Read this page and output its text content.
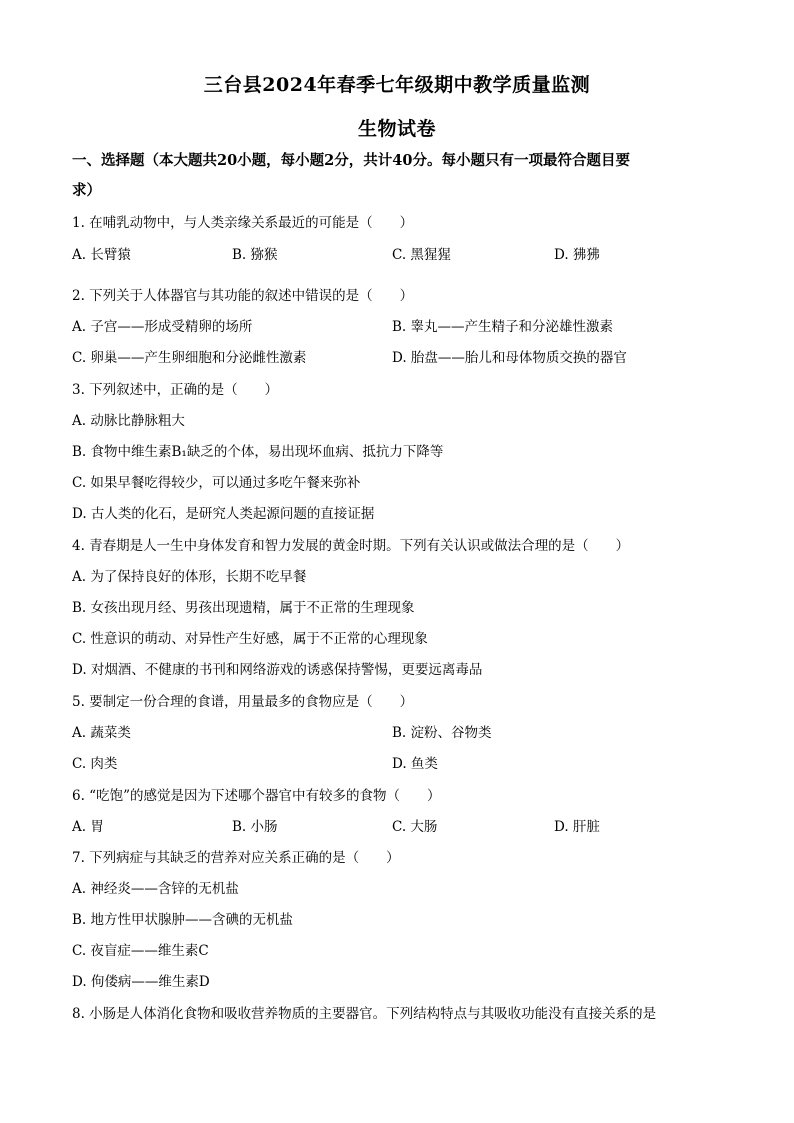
三台县2024年春季七年级期中教学质量监测
生物试卷
一、选择题（本大题共20小题，每小题2分，共计40分。每小题只有一项最符合题目要
求）
1. 在哺乳动物中，与人类亲缘关系最近的可能是（　　）
A. 长臂猿	B. 猕猴	C. 黑猩猩	D. 狒狒
2. 下列关于人体器官与其功能的叙述中错误的是（　　）
A. 子宫——形成受精卵的场所	B. 睾丸——产生精子和分泌雄性激素
C. 卵巢——产生卵细胞和分泌雌性激素	D. 胎盘——胎儿和母体物质交换的器官
3. 下列叙述中，正确的是（　　）
A. 动脉比静脉粗大
B. 食物中维生素B₁缺乏的个体，易出现坏血病、抵抗力下降等
C. 如果早餐吃得较少，可以通过多吃午餐来弥补
D. 古人类的化石，是研究人类起源问题的直接证据
4. 青春期是人一生中身体发育和智力发展的黄金时期。下列有关认识或做法合理的是（　　）
A. 为了保持良好的体形，长期不吃早餐
B. 女孩出现月经、男孩出现遗精，属于不正常的生理现象
C. 性意识的萌动、对异性产生好感，属于不正常的心理现象
D. 对烟酒、不健康的书刊和网络游戏的诱惑保持警惕，更要远离毒品
5. 要制定一份合理的食谱，用量最多的食物应是（　　）
A. 蔬菜类	B. 淀粉、谷物类
C. 肉类	D. 鱼类
6. “吃饱”的感觉是因为下述哪个器官中有较多的食物（　　）
A. 胃	B. 小肠	C. 大肠	D. 肝脏
7. 下列病症与其缺乏的营养对应关系正确的是（　　）
A. 神经炎——含锌的无机盐
B. 地方性甲状腺肿——含碘的无机盐
C. 夜盲症——维生素C
D. 佝偻病——维生素D
8. 小肠是人体消化食物和吸收营养物质的主要器官。下列结构特点与其吸收功能没有直接关系的是
